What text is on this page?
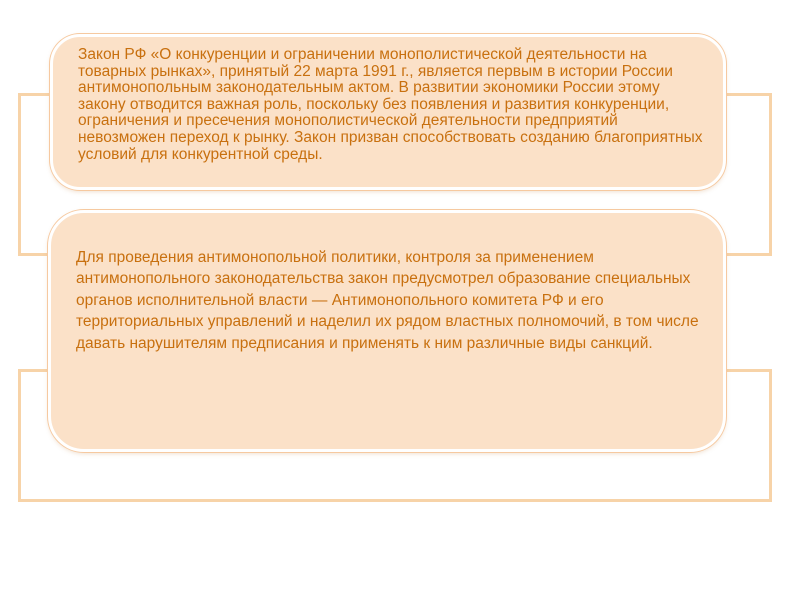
Закон РФ «О конкуренции и ограничении монополистической деятельности на товарных рынках», принятый 22 марта 1991 г., является первым в истории России антимонопольным законодательным актом. В развитии экономики России этому закону отводится важная роль, поскольку без появления и развития конкуренции, ограничения и пресечения монополистической деятельности предприятий невозможен переход к рынку. Закон призван способствовать созданию благоприятных условий для конкурентной среды.

Для проведения антимонопольной политики, контроля за применением антимонопольного законодательства закон предусмотрел образование специальных органов исполнительной власти — Антимонопольного комитета РФ и его территориальных управлений и наделил их рядом властных полномочий, в том числе давать нарушителям предписания и применять к ним различные виды санкций.
